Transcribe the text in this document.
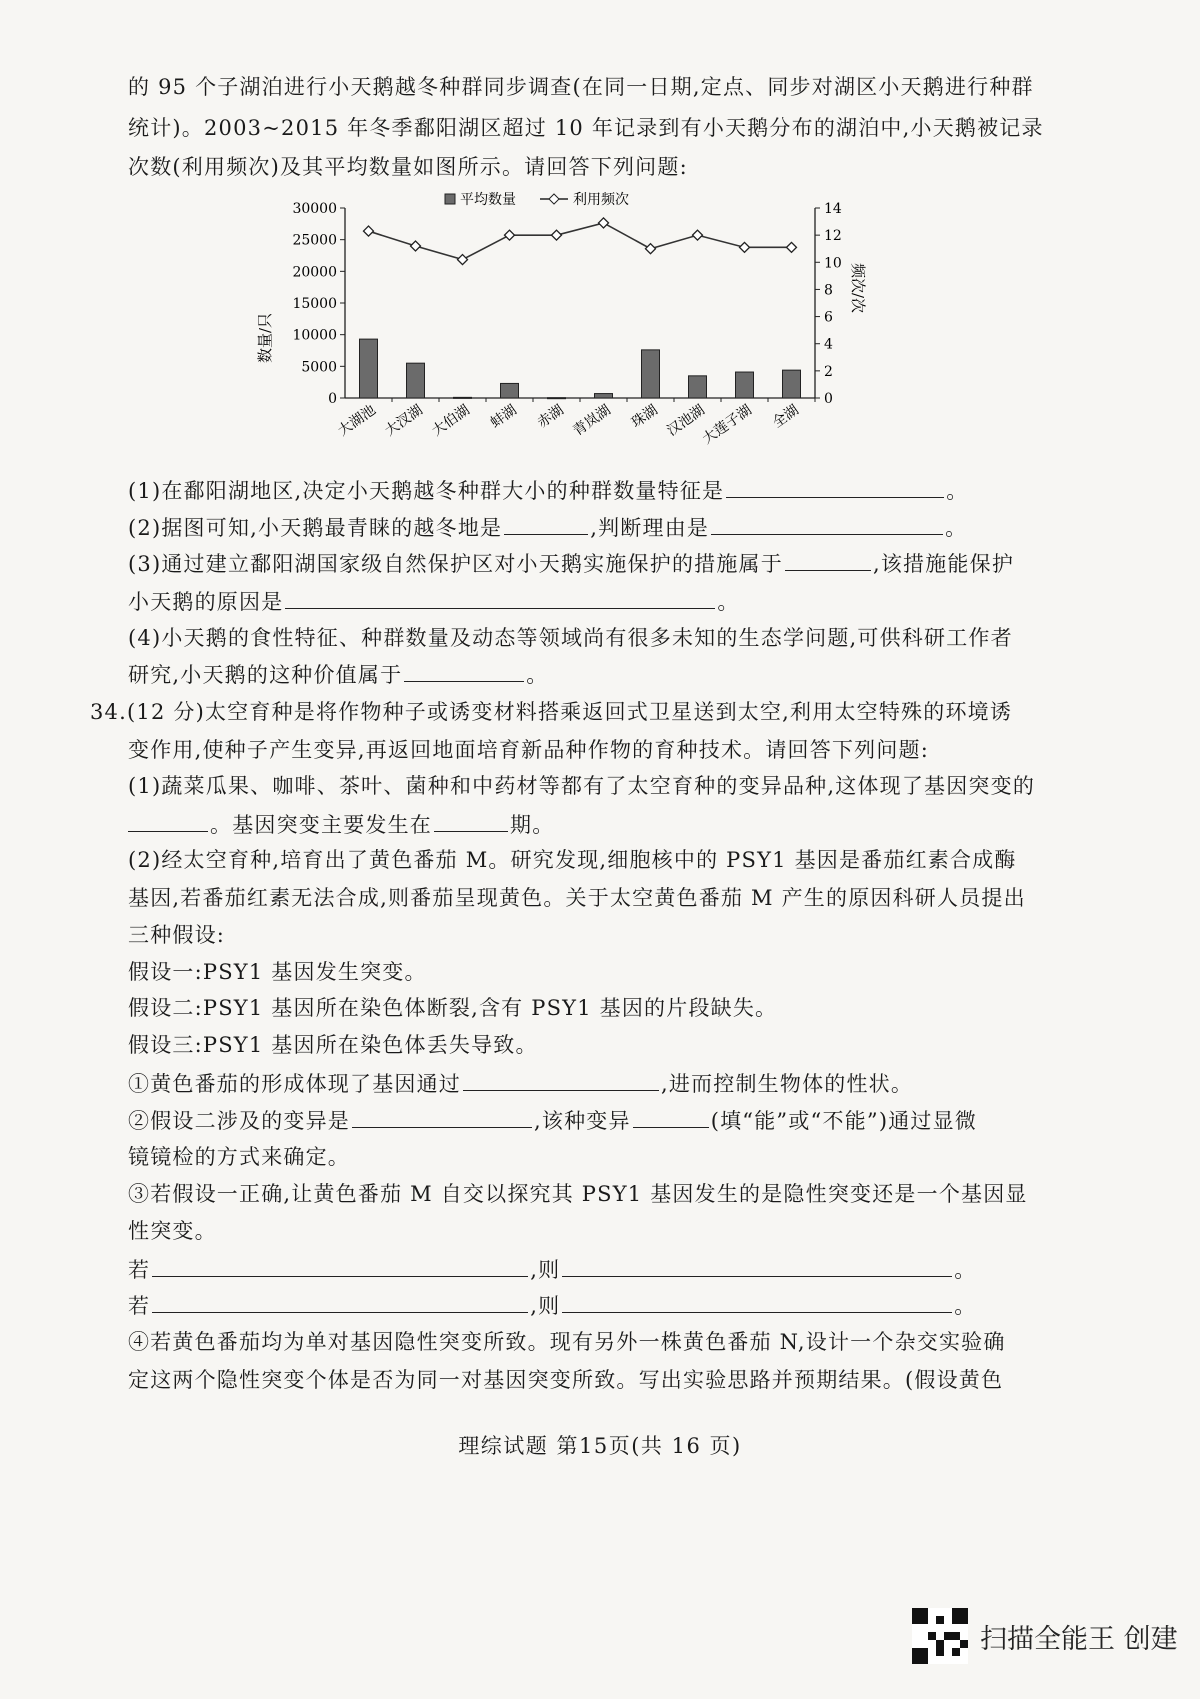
的 95 个子湖泊进行小天鹅越冬种群同步调查(在同一日期,定点、同步对湖区小天鹅进行种群
统计)。2003~2015 年冬季鄱阳湖区超过 10 年记录到有小天鹅分布的湖泊中,小天鹅被记录
次数(利用频次)及其平均数量如图所示。请回答下列问题:
0
5000
10000
15000
20000
25000
30000
0
2
4
6
8
10
12
14
数量/只
频次/次
大湖池 大汊湖 大伯湖 蚌湖 赤湖 青岚湖 珠湖 汉池湖
大莲子湖 全湖
平均数量	利用频次
(1)在鄱阳湖地区,决定小天鹅越冬种群大小的种群数量特征是	。
(2)据图可知,小天鹅最青睐的越冬地是	,判断理由是	。
(3)通过建立鄱阳湖国家级自然保护区对小天鹅实施保护的措施属于	,该措施能保护
小天鹅的原因是	。
(4)小天鹅的食性特征、种群数量及动态等领域尚有很多未知的生态学问题,可供科研工作者
研究,小天鹅的这种价值属于	。
34.(12 分)太空育种是将作物种子或诱变材料搭乘返回式卫星送到太空,利用太空特殊的环境诱
变作用,使种子产生变异,再返回地面培育新品种作物的育种技术。请回答下列问题:
(1)蔬菜瓜果、咖啡、茶叶、菌种和中药材等都有了太空育种的变异品种,这体现了基因突变的
。基因突变主要发生在	期。
(2)经太空育种,培育出了黄色番茄 M。研究发现,细胞核中的 PSY1 基因是番茄红素合成酶
基因,若番茄红素无法合成,则番茄呈现黄色。关于太空黄色番茄 M 产生的原因科研人员提出
三种假设:
假设一:PSY1 基因发生突变。
假设二:PSY1 基因所在染色体断裂,含有 PSY1 基因的片段缺失。
假设三:PSY1 基因所在染色体丢失导致。
①黄色番茄的形成体现了基因通过	,进而控制生物体的性状。
②假设二涉及的变异是	,该种变异	(填“能”或“不能”)通过显微
镜镜检的方式来确定。
③若假设一正确,让黄色番茄 M 自交以探究其 PSY1 基因发生的是隐性突变还是一个基因显
性突变。
若	,则	。
若	,则	。
④若黄色番茄均为单对基因隐性突变所致。现有另外一株黄色番茄 N,设计一个杂交实验确
定这两个隐性突变个体是否为同一对基因突变所致。写出实验思路并预期结果。(假设黄色
理综试题 第15页(共 16 页)
扫描全能王 创建
